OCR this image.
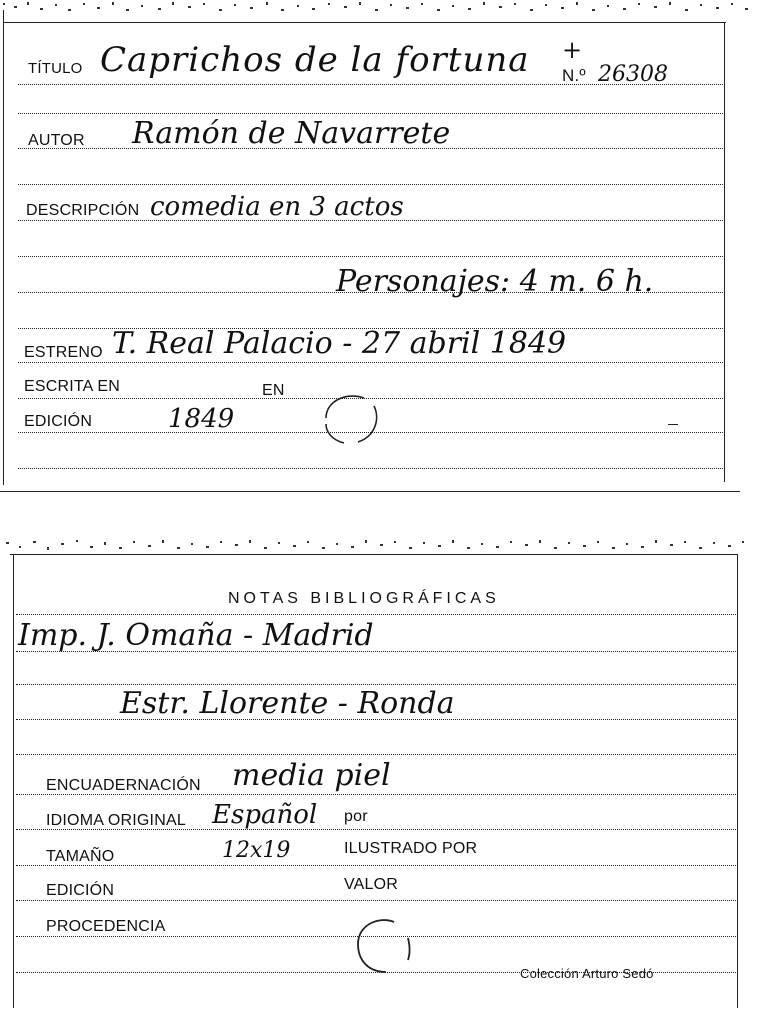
TÍTULO Caprichos de la fortuna +
N.º 26308
AUTOR Ramón de Navarrete
DESCRIPCIÓN comedia en 3 actos
Personajes: 4 m. 6 h.
ESTRENO T. Real Palacio - 27 abril 1849
ESCRITA EN	EN
EDICIÓN	1849
NOTAS BIBLIOGRÁFICAS
Imp. J. Omaña - Madrid
Estr. Llorente - Ronda
ENCUADERNACIÓN media piel
IDIOMA ORIGINAL Español por
TAMAÑO	12x19	ILUSTRADO POR
EDICIÓN	VALOR
PROCEDENCIA
Colección Arturo Sedó
